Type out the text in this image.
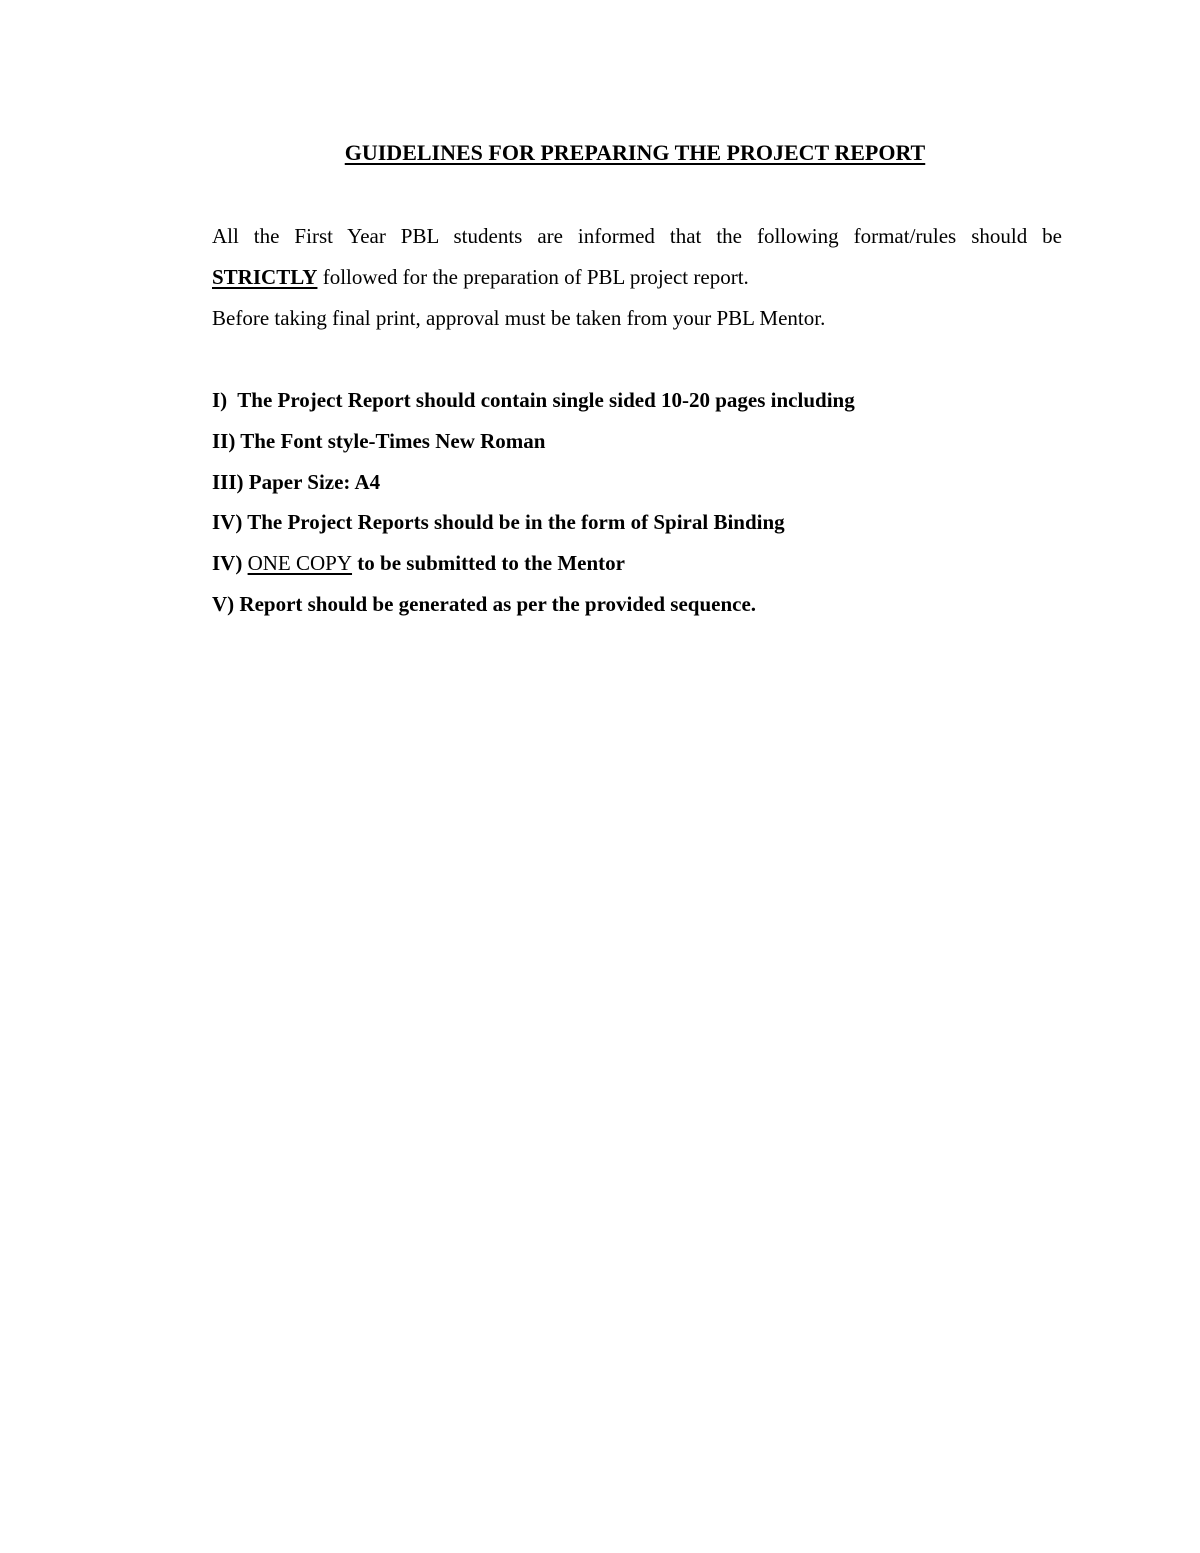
GUIDELINES FOR PREPARING THE PROJECT REPORT
All the First Year PBL students are informed that the following format/rules should be
STRICTLY followed for the preparation of PBL project report.
Before taking final print, approval must be taken from your PBL Mentor.
I)  The Project Report should contain single sided 10-20 pages including
II) The Font style-Times New Roman
III) Paper Size: A4
IV) The Project Reports should be in the form of Spiral Binding
IV) ONE COPY to be submitted to the Mentor
V) Report should be generated as per the provided sequence.
